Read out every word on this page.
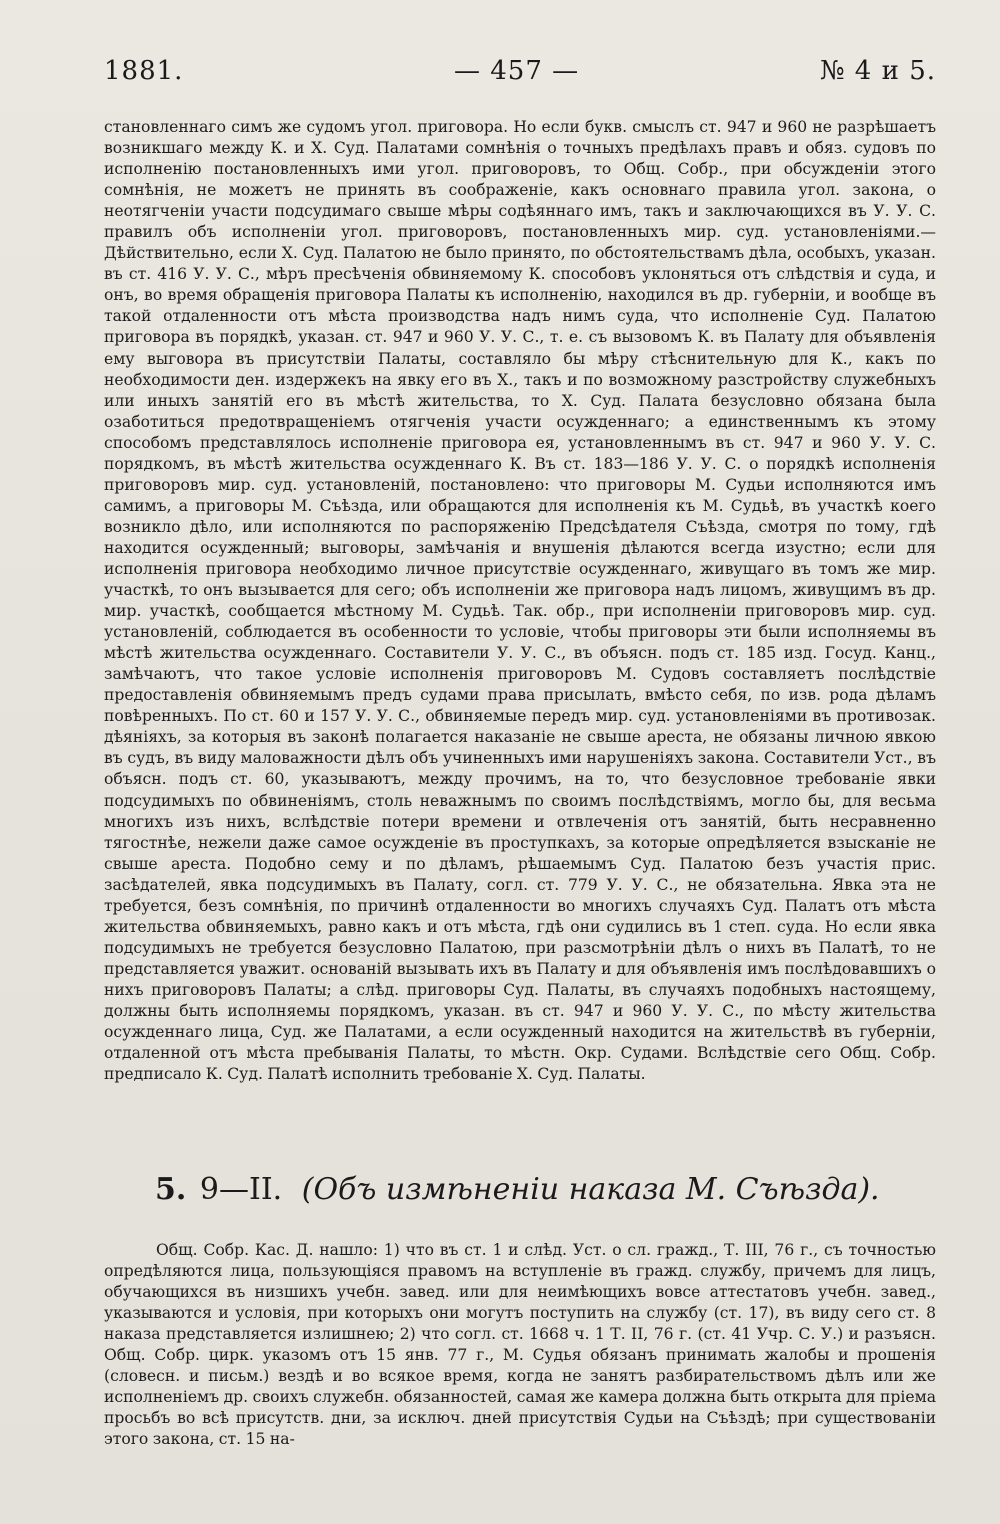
1881.	— 457 —	№ 4 и 5.

становленнаго симъ же судомъ угол. приговора. Но если букв. смыслъ ст. 947 и 960 не разрѣшаетъ возникшаго между К. и Х. Суд. Палатами сомнѣнія о точныхъ предѣлахъ правъ и обяз. судовъ по исполненію постановленныхъ ими угол. приговоровъ, то Общ. Собр., при обсужденіи этого сомнѣнія, не можетъ не принять въ соображеніе, какъ основнаго правила угол. закона, о неотягченіи участи подсудимаго свыше мѣры содѣяннаго имъ, такъ и заключающихся въ У. У. С. правилъ объ исполненіи угол. приговоровъ, постановленныхъ мир. суд. установленіями.—Дѣйствительно, если Х. Суд. Палатою не было принято, по обстоятельствамъ дѣла, особыхъ, указан. въ ст. 416 У. У. С., мѣръ пресѣченія обвиняемому К. способовъ уклоняться отъ слѣдствія и суда, и онъ, во время обращенія приговора Палаты къ исполненію, находился въ др. губерніи, и вообще въ такой отдаленности отъ мѣста производства надъ нимъ суда, что исполненіе Суд. Палатою приговора въ порядкѣ, указан. ст. 947 и 960 У. У. С., т. е. съ вызовомъ К. въ Палату для объявленія ему выговора въ присутствіи Палаты, составляло бы мѣру стѣснительную для К., какъ по необходимости ден. издержекъ на явку его въ Х., такъ и по возможному разстройству служебныхъ или иныхъ занятій его въ мѣстѣ жительства, то Х. Суд. Палата безусловно обязана была озаботиться предотвращеніемъ отягченія участи осужденнаго; а единственнымъ къ этому способомъ представлялось исполненіе приговора ея, установленнымъ въ ст. 947 и 960 У. У. С. порядкомъ, въ мѣстѣ жительства осужденнаго К. Въ ст. 183—186 У. У. С. о порядкѣ исполненія приговоровъ мир. суд. установленій, постановлено: что приговоры М. Судьи исполняются имъ самимъ, а приговоры М. Съѣзда, или обращаются для исполненія къ М. Судьѣ, въ участкѣ коего возникло дѣло, или исполняются по распоряженію Предсѣдателя Съѣзда, смотря по тому, гдѣ находится осужденный; выговоры, замѣчанія и внушенія дѣлаются всегда изустно; если для исполненія приговора необходимо личное присутствіе осужденнаго, живущаго въ томъ же мир. участкѣ, то онъ вызывается для сего; объ исполненіи же приговора надъ лицомъ, живущимъ въ др. мир. участкѣ, сообщается мѣстному М. Судьѣ. Так. обр., при исполненіи приговоровъ мир. суд. установленій, соблюдается въ особенности то условіе, чтобы приговоры эти были исполняемы въ мѣстѣ жительства осужденнаго. Составители У. У. С., въ объясн. подъ ст. 185 изд. Госуд. Канц., замѣчаютъ, что такое условіе исполненія приговоровъ М. Судовъ составляетъ послѣдствіе предоставленія обвиняемымъ предъ судами права присылать, вмѣсто себя, по изв. рода дѣламъ повѣренныхъ. По ст. 60 и 157 У. У. С., обвиняемые передъ мир. суд. установленіями въ противозак. дѣяніяхъ, за которыя въ законѣ полагается наказаніе не свыше ареста, не обязаны личною явкою въ судъ, въ виду маловажности дѣлъ объ учиненныхъ ими нарушеніяхъ закона. Составители Уст., въ объясн. подъ ст. 60, указываютъ, между прочимъ, на то, что безусловное требованіе явки подсудимыхъ по обвиненіямъ, столь неважнымъ по своимъ послѣдствіямъ, могло бы, для весьма многихъ изъ нихъ, вслѣдствіе потери времени и отвлеченія отъ занятій, быть несравненно тягостнѣе, нежели даже самое осужденіе въ проступкахъ, за которые опредѣляется взысканіе не свыше ареста. Подобно сему и по дѣламъ, рѣшаемымъ Суд. Палатою безъ участія прис. засѣдателей, явка подсудимыхъ въ Палату, согл. ст. 779 У. У. С., не обязательна. Явка эта не требуется, безъ сомнѣнія, по причинѣ отдаленности во многихъ случаяхъ Суд. Палатъ отъ мѣста жительства обвиняемыхъ, равно какъ и отъ мѣста, гдѣ они судились въ 1 степ. суда. Но если явка подсудимыхъ не требуется безусловно Палатою, при разсмотрѣніи дѣлъ о нихъ въ Палатѣ, то не представляется уважит. основаній вызывать ихъ въ Палату и для объявленія имъ послѣдовавшихъ о нихъ приговоровъ Палаты; а слѣд. приговоры Суд. Палаты, въ случаяхъ подобныхъ настоящему, должны быть исполняемы порядкомъ, указан. въ ст. 947 и 960 У. У. С., по мѣсту жительства осужденнаго лица, Суд. же Палатами, а если осужденный находится на жительствѣ въ губерніи, отдаленной отъ мѣста пребыванія Палаты, то мѣстн. Окр. Судами. Вслѣдствіе сего Общ. Собр. предписало К. Суд. Палатѣ исполнить требованіе Х. Суд. Палаты.

5. 9—II. (Объ измѣненіи наказа М. Съѣзда).

Общ. Собр. Кас. Д. нашло: 1) что въ ст. 1 и слѣд. Уст. о сл. гражд., Т. III, 76 г., съ точностью опредѣляются лица, пользующіяся правомъ на вступленіе въ гражд. службу, причемъ для лицъ, обучающихся въ низшихъ учебн. завед. или для неимѣющихъ вовсе аттестатовъ учебн. завед., указываются и условія, при которыхъ они могутъ поступить на службу (ст. 17), въ виду сего ст. 8 наказа представляется излишнею; 2) что согл. ст. 1668 ч. 1 Т. II, 76 г. (ст. 41 Учр. С. У.) и разъясн. Общ. Собр. цирк. указомъ отъ 15 янв. 77 г., М. Судья обязанъ принимать жалобы и прошенія (словесн. и письм.) вездѣ и во всякое время, когда не занятъ разбирательствомъ дѣлъ или же исполненіемъ др. своихъ служебн. обязанностей, самая же камера должна быть открыта для пріема просьбъ во всѣ присутств. дни, за исключ. дней присутствія Судьи на Съѣздѣ; при существованіи этого закона, ст. 15 на-
